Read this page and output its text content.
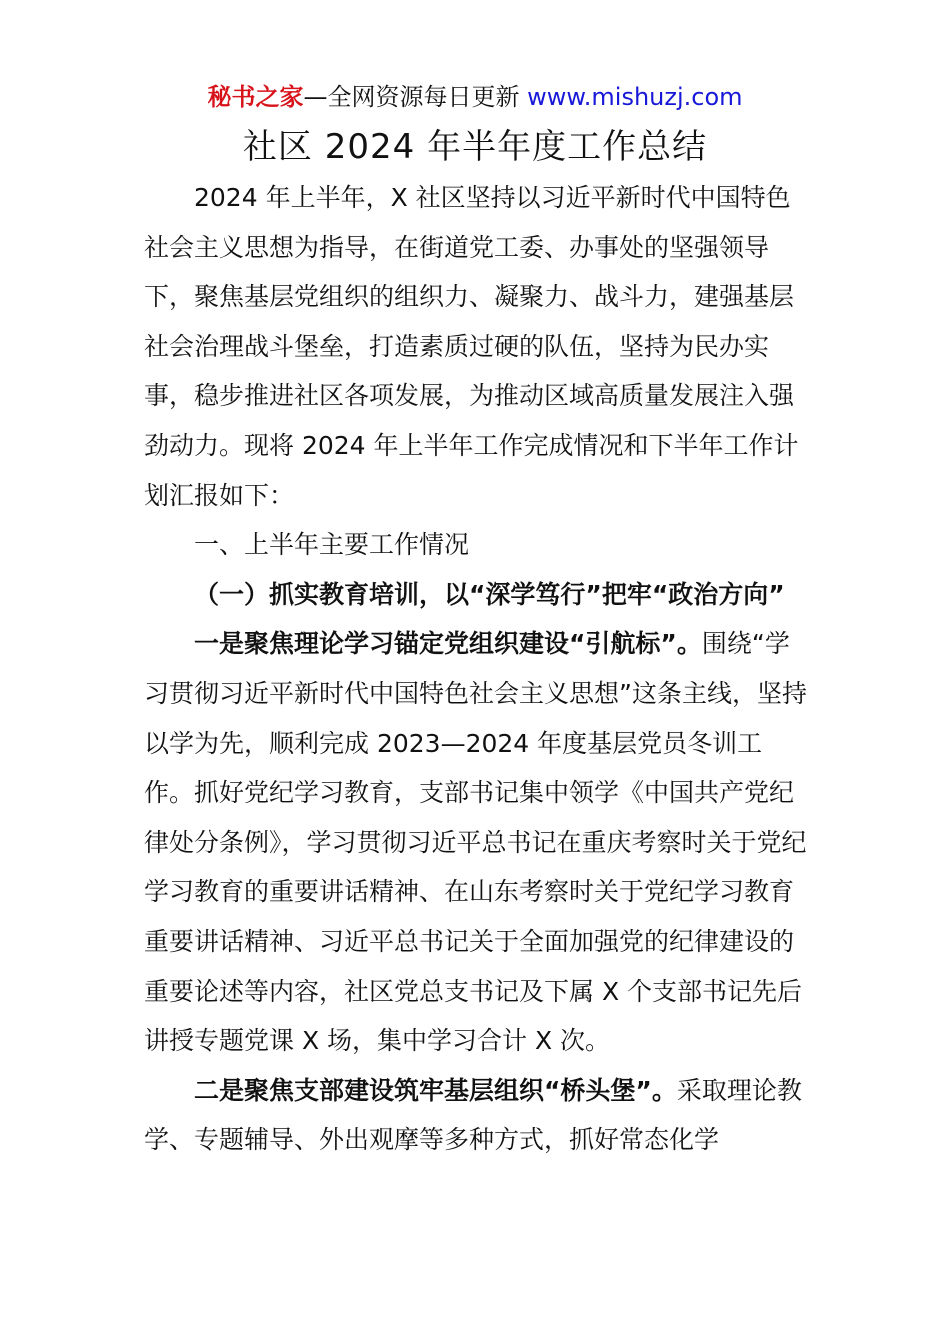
秘书之家—全网资源每日更新 www.mishuzj.com
社区 2024 年半年度工作总结

2024 年上半年，X 社区坚持以习近平新时代中国特色社会主义思想为指导，在街道党工委、办事处的坚强领导下，聚焦基层党组织的组织力、凝聚力、战斗力，建强基层社会治理战斗堡垒，打造素质过硬的队伍，坚持为民办实事，稳步推进社区各项发展，为推动区域高质量发展注入强劲动力。现将 2024 年上半年工作完成情况和下半年工作计划汇报如下：

一、上半年主要工作情况

（一）抓实教育培训，以“深学笃行”把牢“政治方向”

一是聚焦理论学习锚定党组织建设“引航标”。围绕“学习贯彻习近平新时代中国特色社会主义思想”这条主线，坚持以学为先，顺利完成 2023—2024 年度基层党员冬训工作。抓好党纪学习教育，支部书记集中领学《中国共产党纪律处分条例》，学习贯彻习近平总书记在重庆考察时关于党纪学习教育的重要讲话精神、在山东考察时关于党纪学习教育重要讲话精神、习近平总书记关于全面加强党的纪律建设的重要论述等内容，社区党总支书记及下属 X 个支部书记先后讲授专题党课 X 场，集中学习合计 X 次。

二是聚焦支部建设筑牢基层组织“桥头堡”。采取理论教学、专题辅导、外出观摩等多种方式，抓好常态化学
